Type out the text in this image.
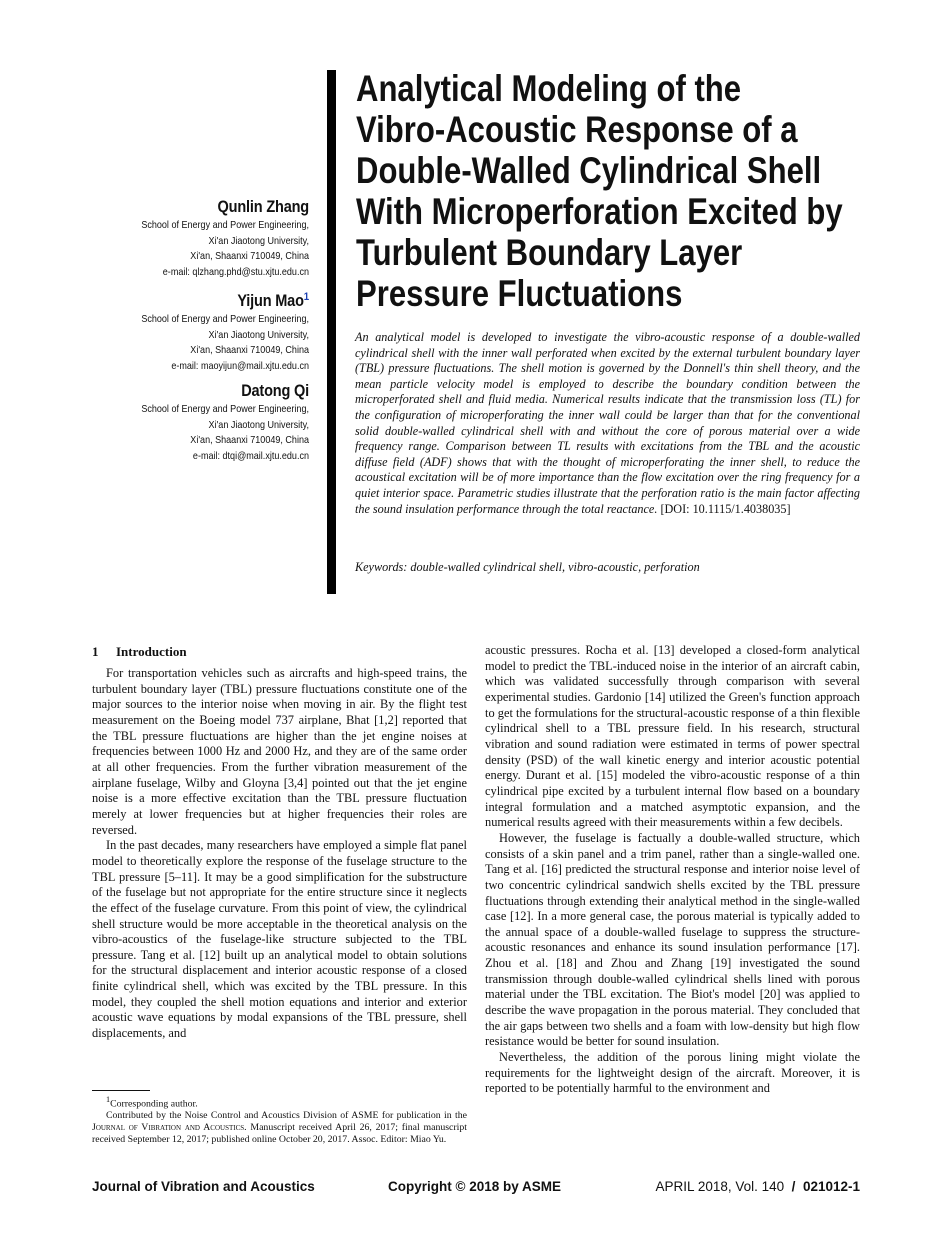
Qunlin Zhang
School of Energy and Power Engineering,
Xi'an Jiaotong University,
Xi'an, Shaanxi 710049, China
e-mail: qlzhang.phd@stu.xjtu.edu.cn
Yijun Mao$^1$
School of Energy and Power Engineering,
Xi'an Jiaotong University,
Xi'an, Shaanxi 710049, China
e-mail: maoyijun@mail.xjtu.edu.cn
Datong Qi
School of Energy and Power Engineering,
Xi'an Jiaotong University,
Xi'an, Shaanxi 710049, China
e-mail: dtqi@mail.xjtu.edu.cn
Analytical Modeling of the
Vibro-Acoustic Response of a
Double-Walled Cylindrical Shell
With Microperforation Excited by
Turbulent Boundary Layer
Pressure Fluctuations
An analytical model is developed to investigate the vibro-acoustic response of a double-walled cylindrical shell with the inner wall perforated when excited by the external turbulent boundary layer (TBL) pressure fluctuations. The shell motion is governed by the Donnell's thin shell theory, and the mean particle velocity model is employed to describe the boundary condition between the microperforated shell and fluid media. Numerical results indicate that the transmission loss (TL) for the configuration of microperforating the inner wall could be larger than that for the conventional solid double-walled cylindrical shell with and without the core of porous material over a wide frequency range. Comparison between TL results with excitations from the TBL and the acoustic diffuse field (ADF) shows that with the thought of microperforating the inner shell, to reduce the acoustical excitation will be of more importance than the flow excitation over the ring frequency for a quiet interior space. Parametric studies illustrate that the perforation ratio is the main factor affecting the sound insulation performance through the total reactance. [DOI: 10.1115/1.4038035]
Keywords: double-walled cylindrical shell, vibro-acoustic, perforation
1 Introduction

For transportation vehicles such as aircrafts and high-speed trains, the turbulent boundary layer (TBL) pressure fluctuations constitute one of the major sources to the interior noise when moving in air. By the flight test measurement on the Boeing model 737 airplane, Bhat [1,2] reported that the TBL pressure fluctuations are higher than the jet engine noises at frequencies between 1000 Hz and 2000 Hz, and they are of the same order at all other frequencies. From the further vibration measurement of the airplane fuselage, Wilby and Gloyna [3,4] pointed out that the jet engine noise is a more effective excitation than the TBL pressure fluctuation merely at lower frequencies but at higher frequencies their roles are reversed.

In the past decades, many researchers have employed a simple flat panel model to theoretically explore the response of the fuselage structure to the TBL pressure [5–11]. It may be a good simplification for the substructure of the fuselage but not appropriate for the entire structure since it neglects the effect of the fuselage curvature. From this point of view, the cylindrical shell structure would be more acceptable in the theoretical analysis on the vibro-acoustics of the fuselage-like structure subjected to the TBL pressure. Tang et al. [12] built up an analytical model to obtain solutions for the structural displacement and interior acoustic response of a closed finite cylindrical shell, which was excited by the TBL pressure. In this model, they coupled the shell motion equations and interior and exterior acoustic wave equations by modal expansions of the TBL pressure, shell displacements, and

acoustic pressures. Rocha et al. [13] developed a closed-form analytical model to predict the TBL-induced noise in the interior of an aircraft cabin, which was validated successfully through comparison with several experimental studies. Gardonio [14] utilized the Green's function approach to get the formulations for the structural-acoustic response of a thin flexible cylindrical shell to a TBL pressure field. In his research, structural vibration and sound radiation were estimated in terms of power spectral density (PSD) of the wall kinetic energy and interior acoustic potential energy. Durant et al. [15] modeled the vibro-acoustic response of a thin cylindrical pipe excited by a turbulent internal flow based on a boundary integral formulation and a matched asymptotic expansion, and the numerical results agreed with their measurements within a few decibels.

However, the fuselage is factually a double-walled structure, which consists of a skin panel and a trim panel, rather than a single-walled one. Tang et al. [16] predicted the structural response and interior noise level of two concentric cylindrical sandwich shells excited by the TBL pressure fluctuations through extending their analytical method in the single-walled case [12]. In a more general case, the porous material is typically added to the annual space of a double-walled fuselage to suppress the structure-acoustic resonances and enhance its sound insulation performance [17]. Zhou et al. [18] and Zhou and Zhang [19] investigated the sound transmission through double-walled cylindrical shells lined with porous material under the TBL excitation. The Biot's model [20] was applied to describe the wave propagation in the porous material. They concluded that the air gaps between two shells and a foam with low-density but high flow resistance would be better for sound insulation.

Nevertheless, the addition of the porous lining might violate the requirements for the lightweight design of the aircraft. Moreover, it is reported to be potentially harmful to the environment and

$^1$Corresponding author.

Contributed by the Noise Control and Acoustics Division of ASME for publication in the Journal of Vibration and Acoustics. Manuscript received April 26, 2017; final manuscript received September 12, 2017; published online October 20, 2017. Assoc. Editor: Miao Yu.

Journal of Vibration and Acoustics	Copyright © 2018 by ASME	APRIL 2018, Vol. 140 / 021012-1
